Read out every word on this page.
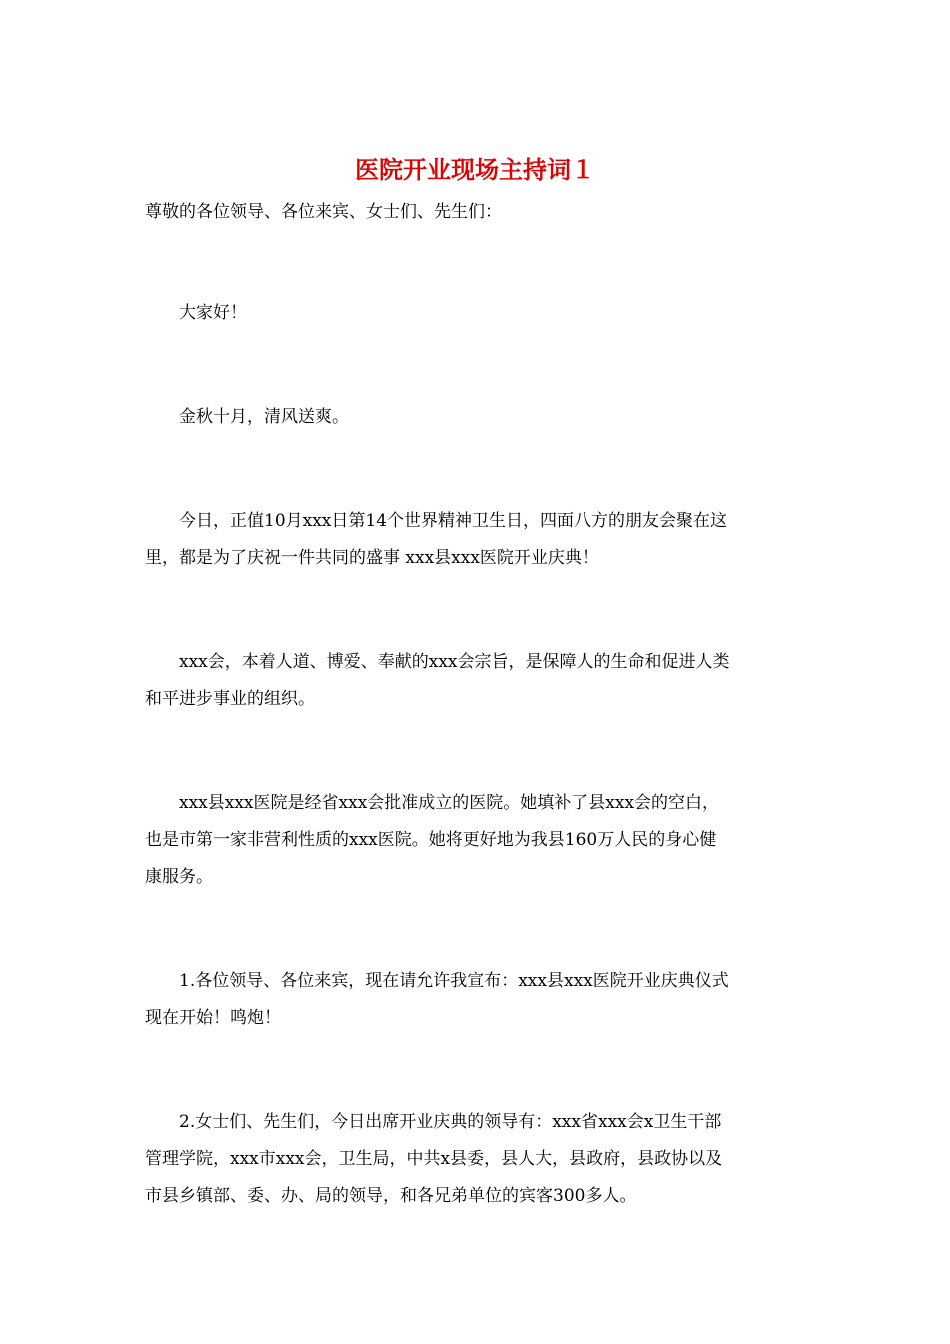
医院开业现场主持词１
尊敬的各位领导、各位来宾、女士们、先生们：
　　大家好！
　　金秋十月，清风送爽。
　　今日，正值10月xxx日第14个世界精神卫生日，四面八方的朋友会聚在这
里，都是为了庆祝一件共同的盛事 xxx县xxx医院开业庆典！
　　xxx会，本着人道、博爱、奉献的xxx会宗旨，是保障人的生命和促进人类
和平进步事业的组织。
　　xxx县xxx医院是经省xxx会批准成立的医院。她填补了县xxx会的空白，
也是市第一家非营利性质的xxx医院。她将更好地为我县160万人民的身心健
康服务。
　　1.各位领导、各位来宾，现在请允许我宣布：xxx县xxx医院开业庆典仪式
现在开始！鸣炮！
　　2.女士们、先生们，今日出席开业庆典的领导有：xxx省xxx会x卫生干部
管理学院，xxx市xxx会，卫生局，中共x县委，县人大，县政府，县政协以及
市县乡镇部、委、办、局的领导，和各兄弟单位的宾客300多人。
